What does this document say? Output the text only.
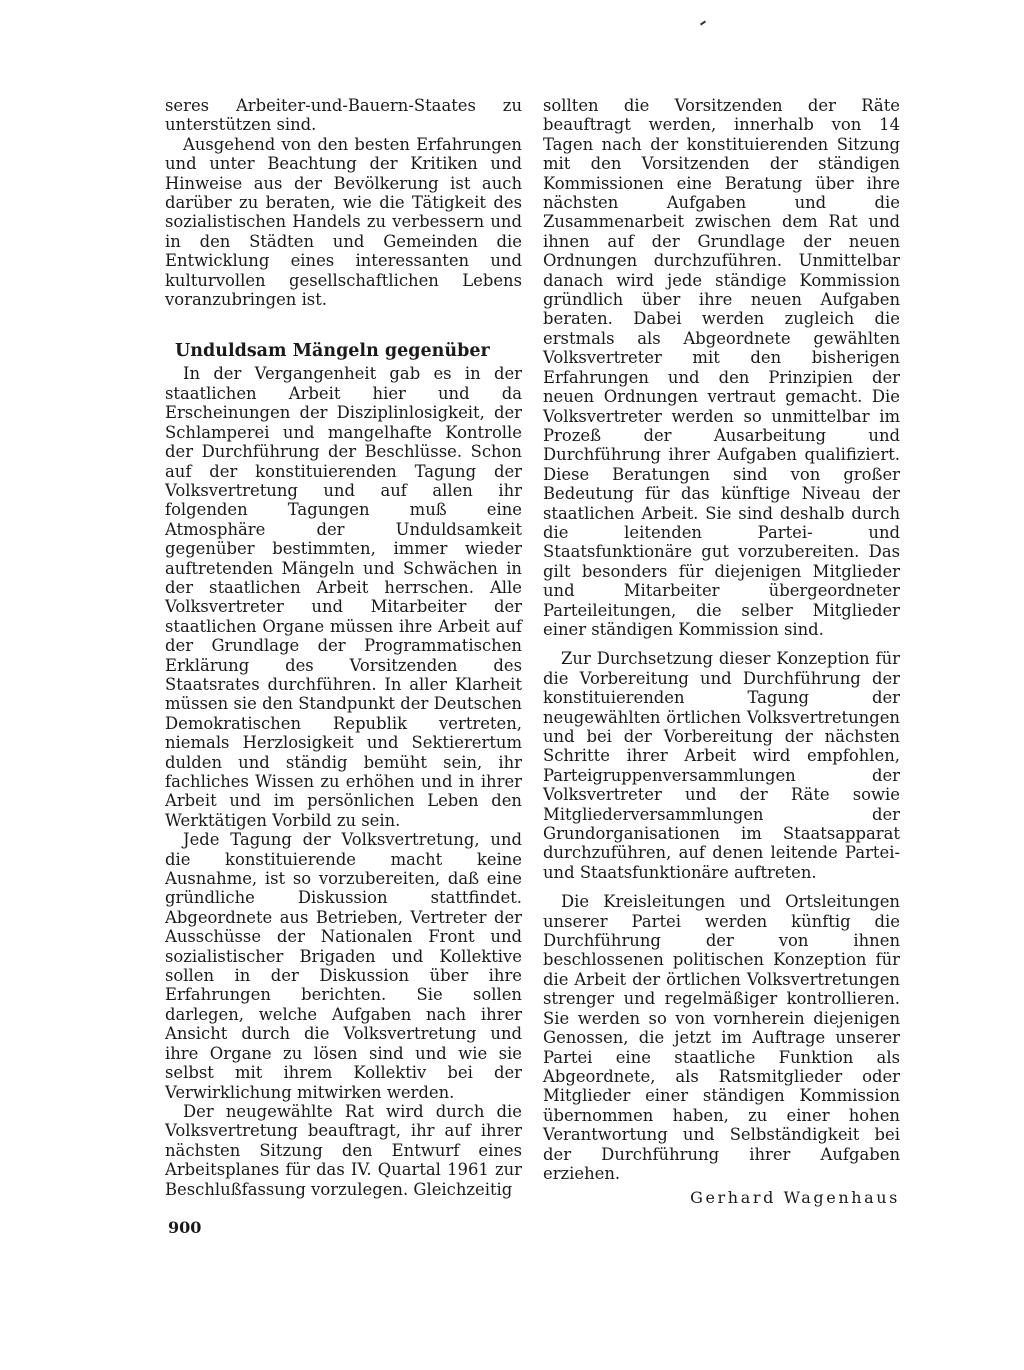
seres Arbeiter-und-Bauern-Staates zu unterstützen sind.

Ausgehend von den besten Erfahrungen und unter Beachtung der Kritiken und Hinweise aus der Bevölkerung ist auch darüber zu beraten, wie die Tätigkeit des sozialistischen Handels zu verbessern und in den Städten und Gemeinden die Entwicklung eines interessanten und kulturvollen gesellschaftlichen Lebens voranzubringen ist.

Unduldsam Mängeln gegenüber

In der Vergangenheit gab es in der staatlichen Arbeit hier und da Erscheinungen der Disziplinlosigkeit, der Schlamperei und mangelhafte Kontrolle der Durchführung der Beschlüsse. Schon auf der konstituierenden Tagung der Volksvertretung und auf allen ihr folgenden Tagungen muß eine Atmosphäre der Unduldsamkeit gegenüber bestimmten, immer wieder auftretenden Mängeln und Schwächen in der staatlichen Arbeit herrschen. Alle Volksvertreter und Mitarbeiter der staatlichen Organe müssen ihre Arbeit auf der Grundlage der Programmatischen Erklärung des Vorsitzenden des Staatsrates durchführen. In aller Klarheit müssen sie den Standpunkt der Deutschen Demokratischen Republik vertreten, niemals Herzlosigkeit und Sektierertum dulden und ständig bemüht sein, ihr fachliches Wissen zu erhöhen und in ihrer Arbeit und im persönlichen Leben den Werktätigen Vorbild zu sein.

Jede Tagung der Volksvertretung, und die konstituierende macht keine Ausnahme, ist so vorzubereiten, daß eine gründliche Diskussion stattfindet. Abgeordnete aus Betrieben, Vertreter der Ausschüsse der Nationalen Front und sozialistischer Brigaden und Kollektive sollen in der Diskussion über ihre Erfahrungen berichten. Sie sollen darlegen, welche Aufgaben nach ihrer Ansicht durch die Volksvertretung und ihre Organe zu lösen sind und wie sie selbst mit ihrem Kollektiv bei der Verwirklichung mitwirken werden.

Der neugewählte Rat wird durch die Volksvertretung beauftragt, ihr auf ihrer nächsten Sitzung den Entwurf eines Arbeitsplanes für das IV. Quartal 1961 zur Beschlußfassung vorzulegen. Gleichzeitig

sollten die Vorsitzenden der Räte beauftragt werden, innerhalb von 14 Tagen nach der konstituierenden Sitzung mit den Vorsitzenden der ständigen Kommissionen eine Beratung über ihre nächsten Aufgaben und die Zusammenarbeit zwischen dem Rat und ihnen auf der Grundlage der neuen Ordnungen durchzuführen. Unmittelbar danach wird jede ständige Kommission gründlich über ihre neuen Aufgaben beraten. Dabei werden zugleich die erstmals als Abgeordnete gewählten Volksvertreter mit den bisherigen Erfahrungen und den Prinzipien der neuen Ordnungen vertraut gemacht. Die Volksvertreter werden so unmittelbar im Prozeß der Ausarbeitung und Durchführung ihrer Aufgaben qualifiziert. Diese Beratungen sind von großer Bedeutung für das künftige Niveau der staatlichen Arbeit. Sie sind deshalb durch die leitenden Partei- und Staatsfunktionäre gut vorzubereiten. Das gilt besonders für diejenigen Mitglieder und Mitarbeiter übergeordneter Parteileitungen, die selber Mitglieder einer ständigen Kommission sind.

Zur Durchsetzung dieser Konzeption für die Vorbereitung und Durchführung der konstituierenden Tagung der neugewählten örtlichen Volksvertretungen und bei der Vorbereitung der nächsten Schritte ihrer Arbeit wird empfohlen, Parteigruppenversammlungen der Volksvertreter und der Räte sowie Mitgliederversammlungen der Grundorganisationen im Staatsapparat durchzuführen, auf denen leitende Partei- und Staatsfunktionäre auftreten.

Die Kreisleitungen und Ortsleitungen unserer Partei werden künftig die Durchführung der von ihnen beschlossenen politischen Konzeption für die Arbeit der örtlichen Volksvertretungen strenger und regelmäßiger kontrollieren. Sie werden so von vornherein diejenigen Genossen, die jetzt im Auftrage unserer Partei eine staatliche Funktion als Abgeordnete, als Ratsmitglieder oder Mitglieder einer ständigen Kommission übernommen haben, zu einer hohen Verantwortung und Selbständigkeit bei der Durchführung ihrer Aufgaben erziehen.

Gerhard Wagenhaus
900
